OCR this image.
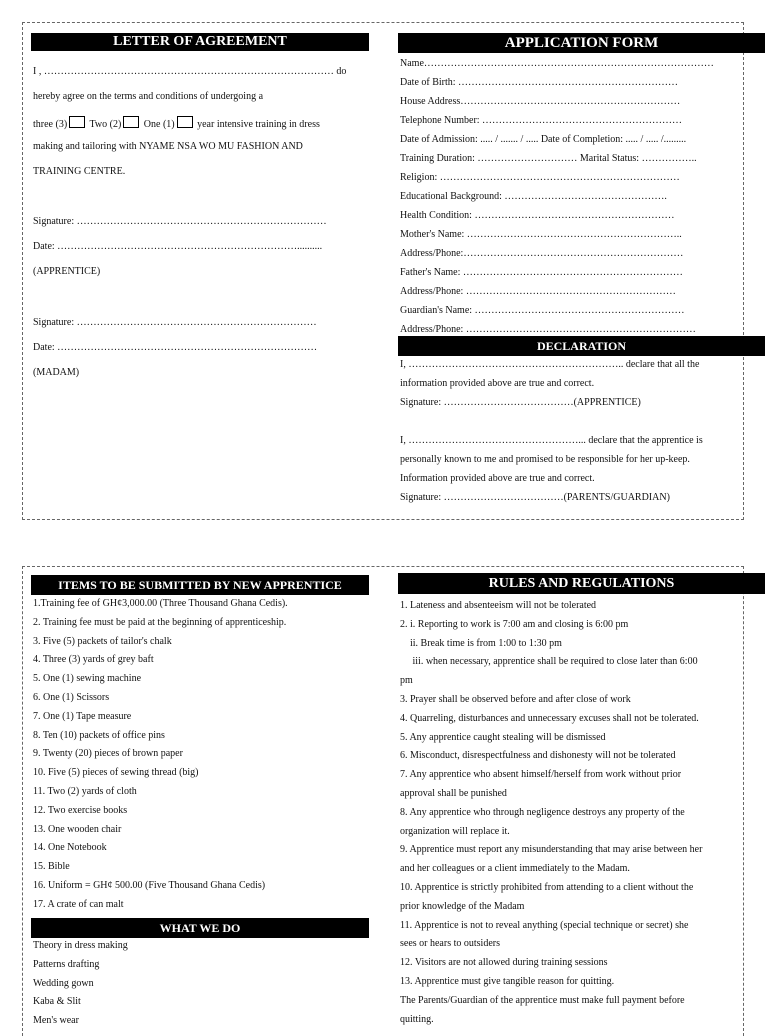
LETTER OF AGREEMENT
I , …………………………………………………………………………… do
hereby agree on the terms and conditions of undergoing a
three (3) Two (2) One (1) year intensive training in dress
making and tailoring with NYAME NSA WO MU FASHION AND
TRAINING CENTRE.
Signature: …………………………………………………………………
Date: ………………………………………………………………..........
(APPRENTICE)
Signature: ………………………………………………………………
Date: ……………………………………………………………………
(MADAM)
APPLICATION FORM
Name……………………………………………………………………………
Date of Birth: …………………………………………………………
House Address…………………………………………………………
Telephone Number: ……………………………………………………
Date of Admission: ..... / ....... / ..... Date of Completion: ..... / ..... /.........
Training Duration: ………………………… Marital Status: ……………..
Religion: ………………………………………………………………
Educational Background: ………………………………………….
Health Condition: ……………………………………………………
Mother's Name: ………………………………………………………..
Address/Phone:…………………………………………………………
Father's Name: …………………………………………………………
Address/Phone: ………………………………………………………
Guardian's Name: ………………………………………………………
Address/Phone: ……………………………………………………………
DECLARATION
I, ……………………………………………………….. declare that all the
information provided above are true and correct.
Signature: …………………………………(APPRENTICE)

I, ……………………………………………... declare that the apprentice is
personally known to me and promised to be responsible for her up-keep.
Information provided above are true and correct.
Signature: ………………………………(PARENTS/GUARDIAN)
ITEMS TO BE SUBMITTED BY NEW APPRENTICE
1.Training fee of GH¢3,000.00 (Three Thousand Ghana Cedis).
2. Training fee must be paid at the beginning of apprenticeship.
3. Five (5) packets of tailor's chalk
4. Three (3) yards of grey baft
5. One (1) sewing machine
6. One (1) Scissors
7. One (1) Tape measure
8. Ten (10) packets of office pins
9. Twenty (20) pieces of brown paper
10. Five (5) pieces of sewing thread (big)
11. Two (2) yards of cloth
12. Two exercise books
13. One wooden chair
14. One Notebook
15. Bible
16. Uniform = GH¢ 500.00 (Five Thousand Ghana Cedis)
17. A crate of can malt
WHAT WE DO
Theory in dress making
Patterns drafting
Wedding gown
Kaba & Slit
Men's wear
RULES AND REGULATIONS
1. Lateness and absenteeism will not be tolerated
2. i. Reporting to work is 7:00 am and closing is 6:00 pm
ii. Break time is from 1:00 to 1:30 pm
iii. when necessary, apprentice shall be required to close later than 6:00
pm
3. Prayer shall be observed before and after close of work
4. Quarreling, disturbances and unnecessary excuses shall not be tolerated.
5. Any apprentice caught stealing will be dismissed
6. Misconduct, disrespectfulness and dishonesty will not be tolerated
7. Any apprentice who absent himself/herself from work without prior
approval shall be punished
8. Any apprentice who through negligence destroys any property of the
organization will replace it.
9. Apprentice must report any misunderstanding that may arise between her
and her colleagues or a client immediately to the Madam.
10. Apprentice is strictly prohibited from attending to a client without the
prior knowledge of the Madam
11. Apprentice is not to reveal anything (special technique or secret) she
sees or hears to outsiders
12. Visitors are not allowed during training sessions
13. Apprentice must give tangible reason for quitting.
The Parents/Guardian of the apprentice must make full payment before
quitting.
